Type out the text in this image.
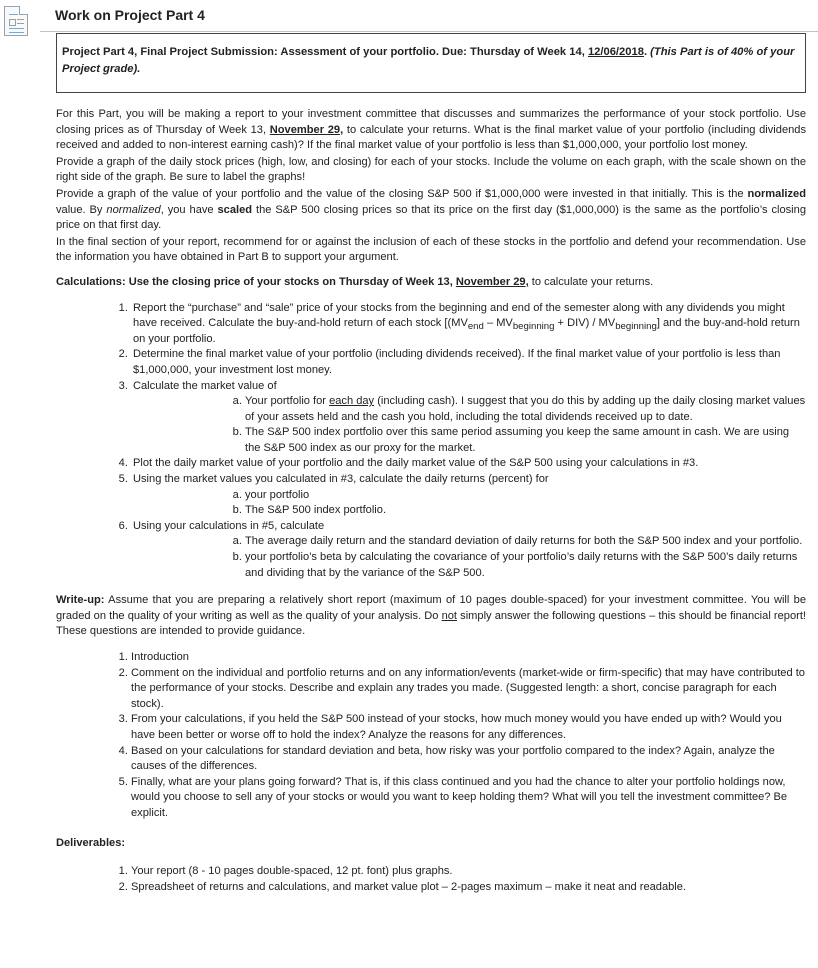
Work on Project Part 4
Project Part 4, Final Project Submission: Assessment of your portfolio. Due: Thursday of Week 14, 12/06/2018. (This Part is of 40% of your Project grade).

For this Part, you will be making a report to your investment committee that discusses and summarizes the performance of your stock portfolio. Use closing prices as of Thursday of Week 13, November 29, to calculate your returns. What is the final market value of your portfolio (including dividends received and added to non-interest earning cash)? If the final market value of your portfolio is less than $1,000,000, your portfolio lost money.

Provide a graph of the daily stock prices (high, low, and closing) for each of your stocks. Include the volume on each graph, with the scale shown on the right side of the graph. Be sure to label the graphs!

Provide a graph of the value of your portfolio and the value of the closing S&P 500 if $1,000,000 were invested in that initially. This is the normalized value. By normalized, you have scaled the S&P 500 closing prices so that its price on the first day ($1,000,000) is the same as the portfolio’s closing price on that first day.

In the final section of your report, recommend for or against the inclusion of each of these stocks in the portfolio and defend your recommendation. Use the information you have obtained in Part B to support your argument.

Calculations: Use the closing price of your stocks on Thursday of Week 13, November 29, to calculate your returns.

1. Report the “purchase” and “sale” price of your stocks from the beginning and end of the semester along with any dividends you might have received. Calculate the buy-and-hold return of each stock [(MVend – MVbeginning + DIV) / MVbeginning] and the buy-and-hold return on your portfolio.
2. Determine the final market value of your portfolio (including dividends received). If the final market value of your portfolio is less than $1,000,000, your investment lost money.
3. Calculate the market value of
a. Your portfolio for each day (including cash). I suggest that you do this by adding up the daily closing market values of your assets held and the cash you hold, including the total dividends received up to date.
b. The S&P 500 index portfolio over this same period assuming you keep the same amount in cash. We are using the S&P 500 index as our proxy for the market.
4. Plot the daily market value of your portfolio and the daily market value of the S&P 500 using your calculations in #3.
5. Using the market values you calculated in #3, calculate the daily returns (percent) for
a. your portfolio
b. The S&P 500 index portfolio.
6. Using your calculations in #5, calculate
a. The average daily return and the standard deviation of daily returns for both the S&P 500 index and your portfolio.
b. your portfolio’s beta by calculating the covariance of your portfolio’s daily returns with the S&P 500’s daily returns and dividing that by the variance of the S&P 500.

Write-up: Assume that you are preparing a relatively short report (maximum of 10 pages double-spaced) for your investment committee. You will be graded on the quality of your writing as well as the quality of your analysis. Do not simply answer the following questions – this should be financial report! These questions are intended to provide guidance.

1. Introduction
2. Comment on the individual and portfolio returns and on any information/events (market-wide or firm-specific) that may have contributed to the performance of your stocks. Describe and explain any trades you made. (Suggested length: a short, concise paragraph for each stock).
3. From your calculations, if you held the S&P 500 instead of your stocks, how much money would you have ended up with? Would you have been better or worse off to hold the index? Analyze the reasons for any differences.
4. Based on your calculations for standard deviation and beta, how risky was your portfolio compared to the index? Again, analyze the causes of the differences.
5. Finally, what are your plans going forward? That is, if this class continued and you had the chance to alter your portfolio holdings now, would you choose to sell any of your stocks or would you want to keep holding them? What will you tell the investment committee? Be explicit.
Deliverables:
1. Your report (8 - 10 pages double-spaced, 12 pt. font) plus graphs.
2. Spreadsheet of returns and calculations, and market value plot – 2-pages maximum – make it neat and readable.
